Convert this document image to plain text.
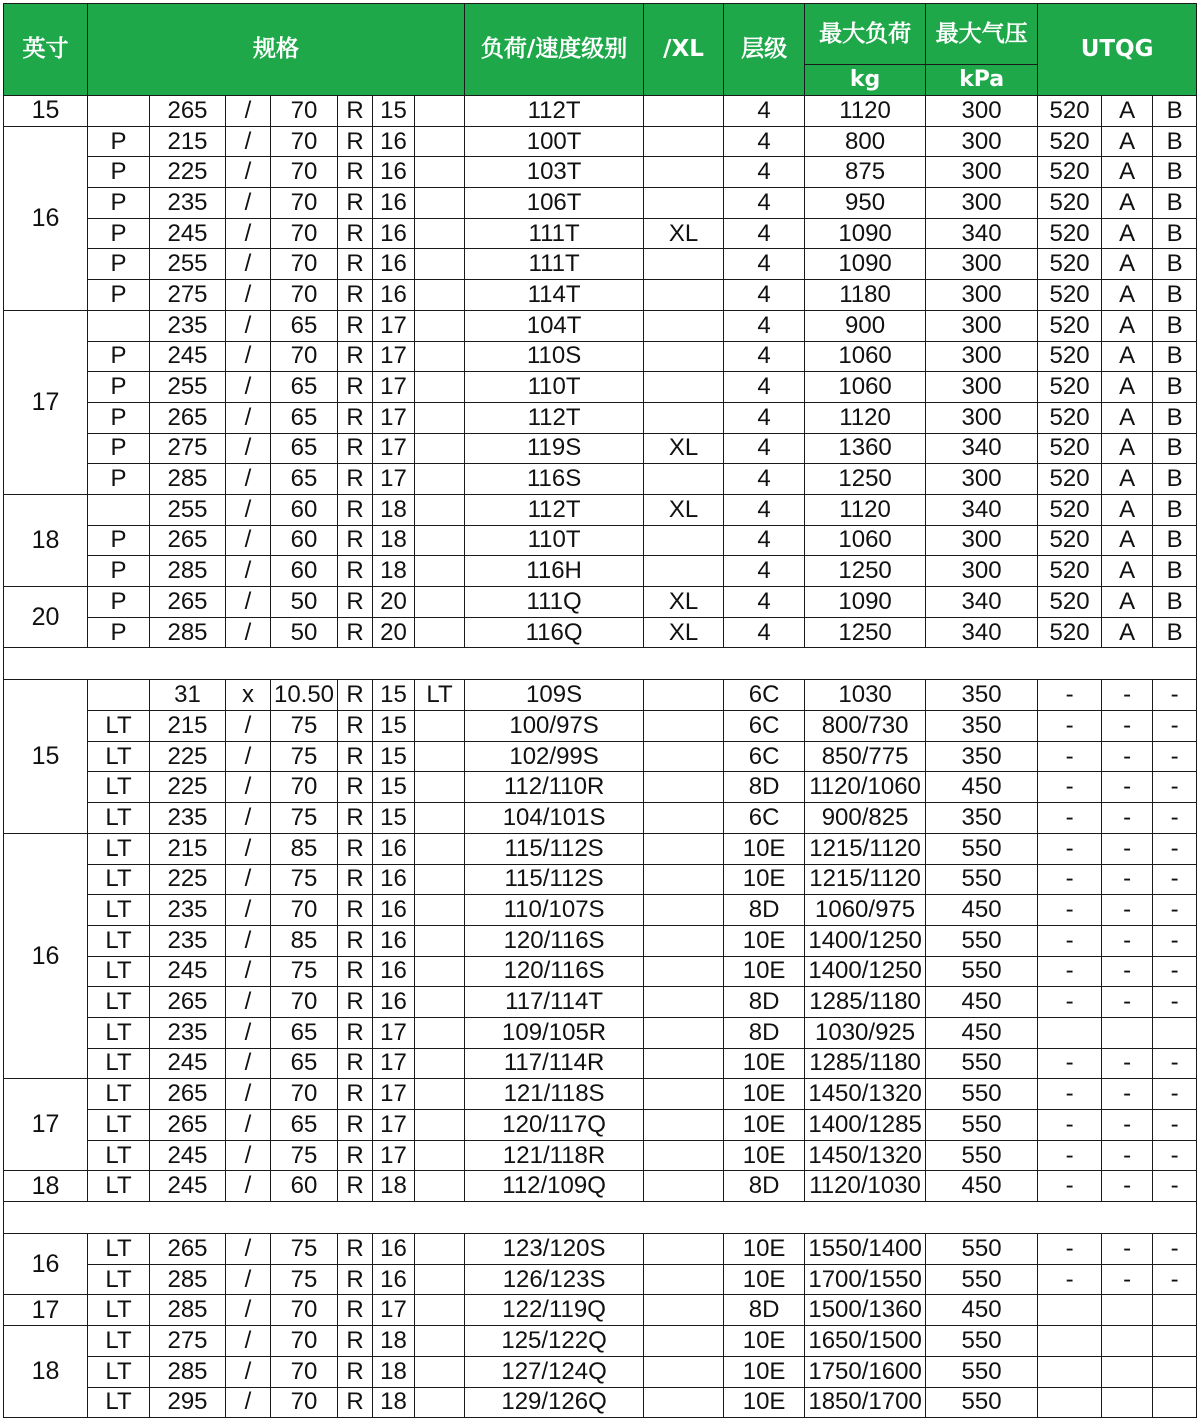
英寸	规格							负荷/速度级别	/XL	层级	最大负荷	最大气压	UTQG		
											kg	kPa			
15		265	/	70	R	15		112T		4	1120	300	520	A	B
16	P	215	/	70	R	16		100T		4	800	300	520	A	B
	P	225	/	70	R	16		103T		4	875	300	520	A	B
	P	235	/	70	R	16		106T		4	950	300	520	A	B
	P	245	/	70	R	16		111T	XL	4	1090	340	520	A	B
	P	255	/	70	R	16		111T		4	1090	300	520	A	B
	P	275	/	70	R	16		114T		4	1180	300	520	A	B
17		235	/	65	R	17		104T		4	900	300	520	A	B
	P	245	/	70	R	17		110S		4	1060	300	520	A	B
	P	255	/	65	R	17		110T		4	1060	300	520	A	B
	P	265	/	65	R	17		112T		4	1120	300	520	A	B
	P	275	/	65	R	17		119S	XL	4	1360	340	520	A	B
	P	285	/	65	R	17		116S		4	1250	300	520	A	B
18		255	/	60	R	18		112T	XL	4	1120	340	520	A	B
	P	265	/	60	R	18		110T		4	1060	300	520	A	B
	P	285	/	60	R	18		116H		4	1250	300	520	A	B
20	P	265	/	50	R	20		111Q	XL	4	1090	340	520	A	B
	P	285	/	50	R	20		116Q	XL	4	1250	340	520	A	B

15		31	x	10.50	R	15	LT	109S		6C	1030	350	-	-	-
	LT	215	/	75	R	15		100/97S		6C	800/730	350	-	-	-
	LT	225	/	75	R	15		102/99S		6C	850/775	350	-	-	-
	LT	225	/	70	R	15		112/110R		8D	1120/1060	450	-	-	-
	LT	235	/	75	R	15		104/101S		6C	900/825	350	-	-	-
16	LT	215	/	85	R	16		115/112S		10E	1215/1120	550	-	-	-
	LT	225	/	75	R	16		115/112S		10E	1215/1120	550	-	-	-
	LT	235	/	70	R	16		110/107S		8D	1060/975	450	-	-	-
	LT	235	/	85	R	16		120/116S		10E	1400/1250	550	-	-	-
	LT	245	/	75	R	16		120/116S		10E	1400/1250	550	-	-	-
	LT	265	/	70	R	16		117/114T		8D	1285/1180	450	-	-	-
	LT	235	/	65	R	17		109/105R		8D	1030/925	450			
	LT	245	/	65	R	17		117/114R		10E	1285/1180	550	-	-	-
17	LT	265	/	70	R	17		121/118S		10E	1450/1320	550	-	-	-
	LT	265	/	65	R	17		120/117Q		10E	1400/1285	550	-	-	-
	LT	245	/	75	R	17		121/118R		10E	1450/1320	550	-	-	-
18	LT	245	/	60	R	18		112/109Q		8D	1120/1030	450	-	-	-

16	LT	265	/	75	R	16		123/120S		10E	1550/1400	550	-	-	-
	LT	285	/	75	R	16		126/123S		10E	1700/1550	550	-	-	-
17	LT	285	/	70	R	17		122/119Q		8D	1500/1360	450			
18	LT	275	/	70	R	18		125/122Q		10E	1650/1500	550			
	LT	285	/	70	R	18		127/124Q		10E	1750/1600	550			
	LT	295	/	70	R	18		129/126Q		10E	1850/1700	550			
